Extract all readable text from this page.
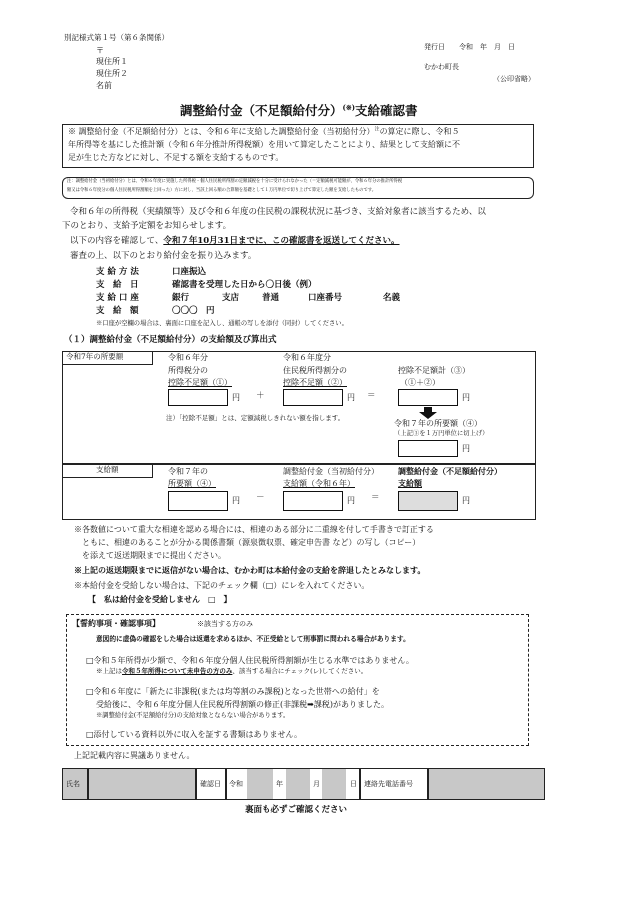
別記様式第１号（第６条関係）
〒
現住所１
現住所２
名前
発行日　　令和　年　月　日
むかわ町長
（公印省略）
調整給付金（不足額給付分）(※)支給確認書
※ 調整給付金（不足額給付分）とは、令和６年に支給した調整給付金（当初給付分）$^注$の算定に際し、令和５
年所得等を基にした推計額（令和６年分推計所得税額）を用いて算定したことにより、結果として支給額に不
足が生じた方などに対し、不足する額を支給するものです。
注：調整給付金（当初給付分）とは、令和６年度に実施した所得税・個人住民税所得割の定額減税を十分に受けられなかった（＝定額減税可能額が、令和６年分の推計所得税
額又は令和６年度分の個人住民税所得割額を上回った）方に対し、当該上回る額の合算額を基礎として１万円単位で切り上げて算定した額を支給したものです。
令和６年の所得税（実績額等）及び令和６年度の住民税の課税状況に基づき、支給対象者に該当するため、以
下のとおり、支給予定額をお知らせします。
以下の内容を確認して、令和７年10月31日までに、この確認書を返送してください。
審査の上、以下のとおり給付金を振り込みます。
支 給 方 法	口座振込
支　給　日	確認書を受理した日から〇日後（例）
支 給 口 座	銀行	支店	普通	口座番号	名義
支　給　額	〇〇〇　円
※口座が空欄の場合は、裏面に口座を記入し、通帳の写しを添付（同封）してください。
（１）調整給付金（不足額給付分）の支給額及び算出式
令和7年の所要額	令和６年分
所得税分の
控除不足額（①）
令和６年度分
住民税所得割分の
控除不足額（②）
控除不足額計（③）
（①＋②）
円 ＋	円 ＝	円
注）「控除不足額」とは、定額減税しきれない額を指します。
令和７年の所要額（④）
（上記③を１万円単位に切上げ）
円
支給額	令和７年の
所要額（④）
調整給付金（当初給付分）
支給額（令和６年）
調整給付金（不足額給付分）
支給額
円 －	円 ＝	円
※各数値について重大な相違を認める場合には、相違のある部分に二重線を付して手書きで訂正する
　ともに、相違のあることが分かる関係書類（源泉徴収票、確定申告書 など）の写し（コピー）
　を添えて返送期限までに提出ください。
※上記の返送期限までに返信がない場合は、むかわ町は本給付金の支給を辞退したとみなします。
※本給付金を受給しない場合は、下記のチェック欄（□）にレを入れてください。
【　私は給付金を受給しません　□　】
【誓約事項・確認事項】	※該当する方のみ
意図的に虚偽の確認をした場合は返還を求めるほか、不正受給として刑事罰に問われる場合があります。
□令和５年所得が少額で、令和６年度分個人住民税所得割額が生じる水準ではありません。
※上記は令和５年所得について未申告の方のみ、該当する場合にチェック(レ)してください。
□令和６年度に「新たに非課税(または均等割のみ課税)となった世帯への給付」を
受給後に、令和６年度分個人住民税所得割額の修正(非課税➡課税)がありました。
※調整給付金(不足額給付分)の支給対象とならない場合があります。
□添付している資料以外に収入を証する書類はありません。
上記記載内容に異議ありません。
氏名	確認日 令和	年	月	日 連絡先電話番号
裏面も必ずご確認ください
